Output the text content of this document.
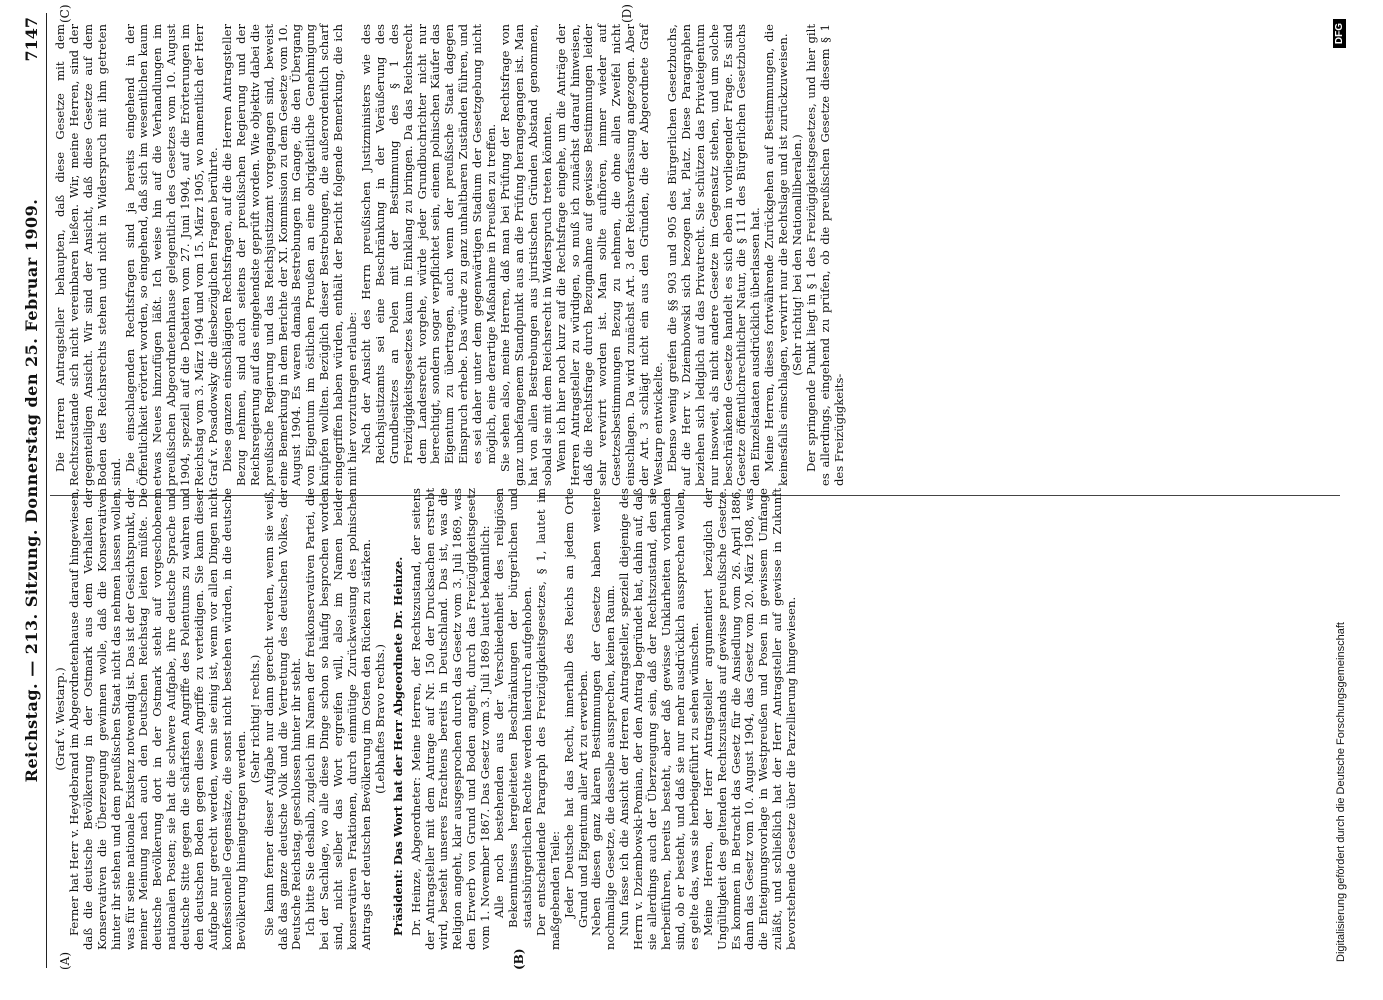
Reichstag. — 213. Sitzung. Donnerstag den 25. Februar 1909.
7147
(A)	(B)
(C)	(D)

(Graf v. Westarp.) Ferner hat Herr v. Heydebrand im Abgeordnetenhause darauf hingewiesen, daß die deutsche Bevölkerung in der Ostmark aus dem Verhalten der Konservativen die Überzeugung gewinnen wolle, daß die Konservativen hinter ihr stehen und dem preußischen Staat nicht das nehmen lassen wollen, was für seine nationale Existenz notwendig ist. Das ist der Gesichtspunkt, der meiner Meinung nach auch den Deutschen Reichstag leiten müßte. Die deutsche Bevölkerung dort in der Ostmark steht auf vorgeschobenem nationalen Posten; sie hat die schwere Aufgabe, ihre deutsche Sprache und deutsche Sitte gegen die schärfsten Angriffe des Polentums zu wahren und den deutschen Boden gegen diese Angriffe zu verteidigen. Sie kann dieser Aufgabe nur gerecht werden, wenn sie einig ist, wenn vor allen Dingen nicht konfessionelle Gegensätze, die sonst nicht bestehen würden, in die deutsche Bevölkerung hineingetragen werden.

(Sehr richtig! rechts.) Sie kann ferner dieser Aufgabe nur dann gerecht werden, wenn sie weiß, daß das ganze deutsche Volk und die Vertretung des deutschen Volkes, der Deutsche Reichstag, geschlossen hinter ihr steht. Ich bitte Sie deshalb, zugleich im Namen der freikonservativen Partei, die bei der Sachlage, wo alle diese Dinge schon so häufig besprochen worden sind, nicht selber das Wort ergreifen will, also im Namen beider konservativen Fraktionen, durch einmütige Zurückweisung des polnischen Antrags der deutschen Bevölkerung im Osten den Rücken zu stärken. (Lebhaftes Bravo rechts.) Präsident: Das Wort hat der Herr Abgeordnete Dr. Heinze. Dr. Heinze, Abgeordneter: Meine Herren, der Rechtszustand, der seitens der Antragsteller mit dem Antrage auf Nr. 150 der Drucksachen erstrebt wird, besteht unseres Erachtens bereits in Deutschland. Das ist, was die Religion angeht, klar ausgesprochen durch das Gesetz vom 3. Juli 1869, was den Erwerb von Grund und Boden angeht, durch das Freizügigkeitsgesetz vom 1. November 1867. Das Gesetz vom 3. Juli 1869 lautet bekanntlich: Alle noch bestehenden aus der Verschiedenheit des religiösen Bekenntnisses hergeleiteten Beschränkungen der bürgerlichen und staatsbürgerlichen Rechte werden hierdurch aufgehoben. Der entscheidende Paragraph des Freizügigkeitsgesetzes, § 1, lautet im maßgebenden Teile: Jeder Deutsche hat das Recht, innerhalb des Reichs an jedem Orte Grund und Eigentum aller Art zu erwerben. Neben diesen ganz klaren Bestimmungen der Gesetze haben weitere nochmalige Gesetze, die dasselbe aussprechen, keinen Raum. Nun fasse ich die Ansicht der Herren Antragsteller, speziell diejenige des Herrn v. Dziembowski-Pomian, der den Antrag begründet hat, dahin auf, daß sie allerdings auch der Überzeugung sein, daß der Rechtszustand, den sie herbeiführen, bereits besteht, aber daß gewisse Unklarheiten vorhanden sind, ob er besteht, und daß sie nur mehr ausdrücklich aussprechen wollen, es gelte das, was sie herbeigeführt zu sehen wünschen. Meine Herren, der Herr Antragsteller argumentiert bezüglich der Ungültigkeit des geltenden Rechtszustands auf gewisse preußische Gesetze. Es kommen in Betracht das Gesetz für die Ansiedlung vom 26. April 1886, dann das Gesetz vom 10. August 1904, das Gesetz vom 20. März 1908, was die Enteignungsvorlage in Westpreußen und Posen in gewissem Umfange zuläßt, und schließlich hat der Herr Antragsteller auf gewisse in Zukunft bevorstehende Gesetze über die Parzellierung hingewiesen.

Die Herren Antragsteller behaupten, daß diese Gesetze mit dem Rechtszustande sich nicht vereinbaren ließen. Wir, meine Herren, sind der gegenteiligen Ansicht. Wir sind der Ansicht, daß diese Gesetze auf dem Boden des Reichsrechts stehen und nicht in Widerspruch mit ihm getreten sind. Die einschlagenden Rechtsfragen sind ja bereits eingehend in der Öffentlichkeit erörtert worden, so eingehend, daß sich im wesentlichen kaum etwas Neues hinzufügen läßt. Ich weise hin auf die Verhandlungen im preußischen Abgeordnetenhause gelegentlich des Gesetzes vom 10. August 1904, speziell auf die Debatten vom 27. Juni 1904, auf die Erörterungen im Reichstag vom 3. März 1904 und vom 15. März 1905, wo namentlich der Herr Graf v. Posadowsky die diesbezüglichen Fragen berührte. Diese ganzen einschlägigen Rechtsfragen, auf die die Herren Antragsteller Bezug nehmen, sind auch seitens der preußischen Regierung und der Reichsregierung auf das eingehendste geprüft worden. Wie objektiv dabei die preußische Regierung und das Reichsjustizamt vorgegangen sind, beweist eine Bemerkung in dem Berichte der XI. Kommission zu dem Gesetze vom 10. August 1904. Es waren damals Bestrebungen im Gange, die den Übergang von Eigentum im östlichen Preußen an eine obrigkeitliche Genehmigung knüpfen wollten. Bezüglich dieser Bestrebungen, die außerordentlich scharf eingegriffen haben würden, enthält der Bericht folgende Bemerkung, die ich mit hier vorzutragen erlaube: Nach der Ansicht des Herrn preußischen Justizministers wie des Reichsjustizamts sei eine Beschränkung in der Veräußerung des Grundbesitzes an Polen mit der Bestimmung des § 1 des Freizügigkeitsgesetzes kaum in Einklang zu bringen. Da das Reichsrecht dem Landesrecht vorgehe, würde jeder Grundbuchrichter nicht nur berechtigt, sondern sogar verpflichtet sein, einem polnischen Käufer das Eigentum zu übertragen, auch wenn der preußische Staat dagegen Einspruch erhebe. Das würde zu ganz unhaltbaren Zuständen führen, und es sei daher unter dem gegenwärtigen Stadium der Gesetzgebung nicht möglich, eine derartige Maßnahme in Preußen zu treffen. Sie sehen also, meine Herren, daß man bei Prüfung der Rechtsfrage von ganz unbefangenem Standpunkt aus an die Prüfung herangegangen ist. Man hat von allen Bestrebungen aus juristischen Gründen Abstand genommen, sobald sie mit dem Reichsrecht in Widerspruch treten könnten. Wenn ich hier noch kurz auf die Rechtsfrage eingehe, um die Anträge der Herren Antragsteller zu würdigen, so muß ich zunächst darauf hinweisen, daß die Rechtsfrage durch Bezugnahme auf gewisse Bestimmungen leider sehr verwirrt worden ist. Man sollte aufhören, immer wieder auf Gesetzesbestimmungen Bezug zu nehmen, die ohne allen Zweifel nicht einschlagen. Da wird zunächst Art. 3 der Reichsverfassung angezogen. Aber der Art. 3 schlägt nicht ein aus den Gründen, die der Abgeordnete Graf Westarp entwickelte. Ebenso wenig greifen die §§ 903 und 905 des Bürgerlichen Gesetzbuchs, auf die Herr v. Dziembowski sich bezogen hat, Platz. Diese Paragraphen beziehen sich lediglich auf das Privatrecht. Sie schützen das Privateigentum nur insoweit, als nicht andere Gesetze im Gegensatz stehen, und um solche beschränkende Gesetze handelt es sich eben in vorliegender Frage. Es sind Gesetze öffentlichrechtlicher Natur, die § 111 des Bürgerlichen Gesetzbuchs den Einzelstaaten ausdrücklich überlassen hat. Meine Herren, dieses fortwährende Zurückgehen auf Bestimmungen, die keinesfalls einschlagen, verwirrt nur die Rechtslage und ist zurückzuweisen. (Sehr richtig! bei den Nationalliberalen.) Der springende Punkt liegt in § 1 des Freizügigkeitsgesetzes, und hier gilt es allerdings, eingehend zu prüfen, ob die preußischen Gesetze diesem § 1 des Freizügigkeits-

Digitalisierung gefördert durch die Deutsche Forschungsgemeinschaft
DFG
